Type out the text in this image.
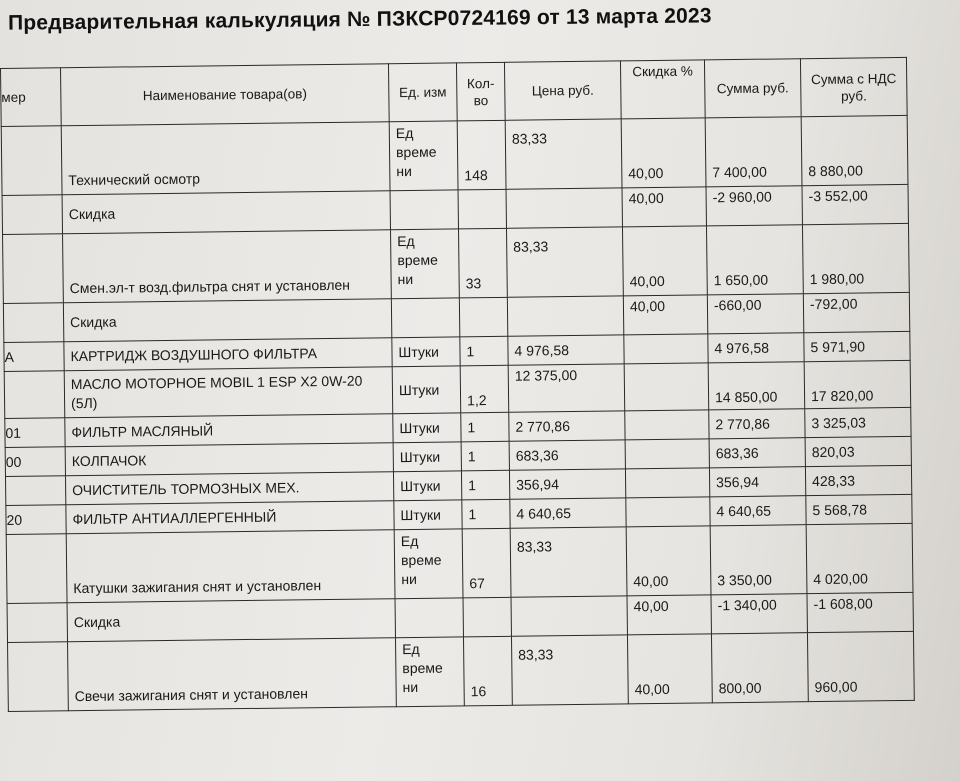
Предварительная калькуляция № ПЗКСР0724169 от 13 марта 2023
мер	Наименование товара(ов)	Ед. изм	Кол-во	Цена руб.	Скидка %	Сумма руб.	Сумма с НДС руб.
	Технический осмотр	Ед време ни	148	83,33	40,00	7 400,00	8 880,00
	Скидка				40,00	-2 960,00	-3 552,00
	Смен.эл-т возд.фильтра снят и установлен	Ед време ни	33	83,33	40,00	1 650,00	1 980,00
	Скидка				40,00	-660,00	-792,00
A	КАРТРИДЖ ВОЗДУШНОГО ФИЛЬТРА	Штуки	1	4 976,58		4 976,58	5 971,90
	МАСЛО МОТОРНОЕ MOBIL 1 ESP X2 0W-20 (5Л)	Штуки	1,2	12 375,00		14 850,00	17 820,00
01	ФИЛЬТР МАСЛЯНЫЙ	Штуки	1	2 770,86		2 770,86	3 325,03
00	КОЛПАЧОК	Штуки	1	683,36		683,36	820,03
	ОЧИСТИТЕЛЬ ТОРМОЗНЫХ МЕХ.	Штуки	1	356,94		356,94	428,33
20	ФИЛЬТР АНТИАЛЛЕРГЕННЫЙ	Штуки	1	4 640,65		4 640,65	5 568,78
	Катушки зажигания снят и установлен	Ед време ни	67	83,33	40,00	3 350,00	4 020,00
	Скидка				40,00	-1 340,00	-1 608,00
	Свечи зажигания снят и установлен	Ед време ни	16	83,33	40,00	800,00	960,00
